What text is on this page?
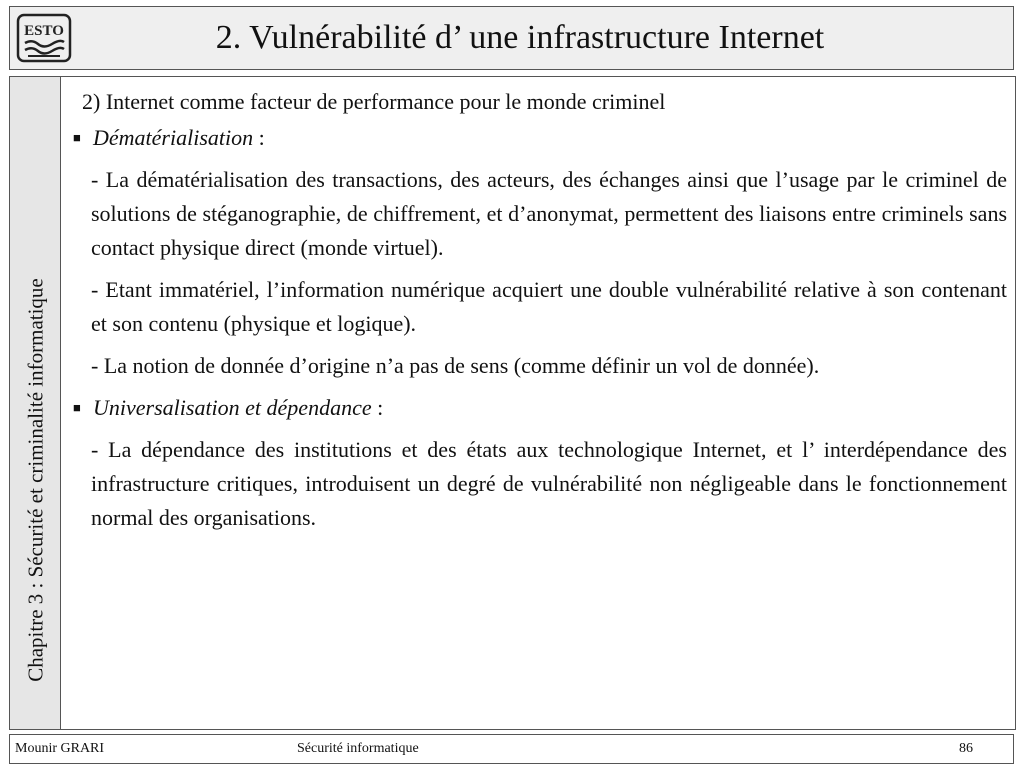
ESTO	2. Vulnérabilité d’ une infrastructure Internet
Chapitre 3 : Sécurité et criminalité informatique
2) Internet comme facteur de performance pour le monde criminel
■ Dématérialisation :
- La dématérialisation des transactions, des acteurs, des échanges ainsi que l’usage par le criminel de solutions de stéganographie, de chiffrement, et d’anonymat, permettent des liaisons entre criminels sans contact physique direct (monde virtuel).
- Etant immatériel, l’information numérique acquiert une double vulnérabilité relative à son contenant et son contenu (physique et logique).
- La notion de donnée d’origine n’a pas de sens (comme définir un vol de donnée).
■ Universalisation et dépendance :
- La dépendance des institutions et des états aux technologique Internet, et l’ interdépendance des infrastructure critiques, introduisent un degré de vulnérabilité non négligeable dans le fonctionnement normal des organisations.
Mounir GRARI	Sécurité informatique	86
